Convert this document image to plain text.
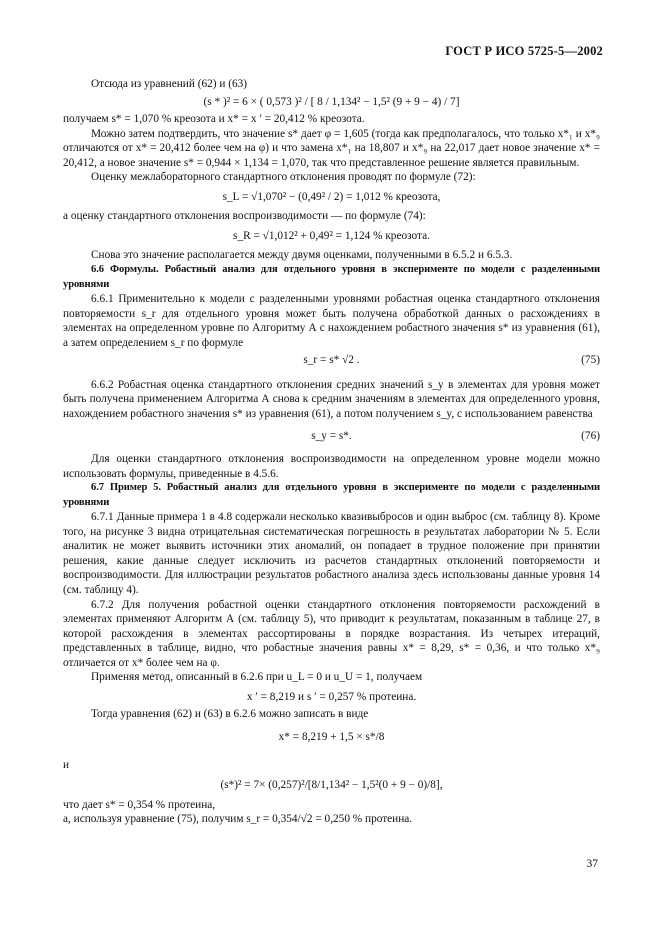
ГОСТ Р ИСО 5725-5—2002

Отсюда из уравнений (62) и (63)

(s * )² = 6 × ( 0,573 )² / [ 8 / 1,134² − 1,5² (9 + 9 − 4) / 7]

получаем s* = 1,070 % креозота и x* = x ′ = 20,412 % креозота.

Можно затем подтвердить, что значение s* дает φ = 1,605 (тогда как предполагалось, что только x*₁ и x*₉ отличаются от x* = 20,412 более чем на φ) и что замена x*₁ на 18,807 и x*₉ на 22,017 дает новое значение x* = 20,412, а новое значение s* = 0,944 × 1,134 = 1,070, так что представленное решение является правильным.

Оценку межлабораторного стандартного отклонения проводят по формуле (72):

s_L = √1,070² − (0,49² / 2) = 1,012 % креозота,

а оценку стандартного отклонения воспроизводимости — по формуле (74):

s_R = √1,012² + 0,49² = 1,124 % креозота.

Снова это значение располагается между двумя оценками, полученными в 6.5.2 и 6.5.3.

6.6 Формулы. Робастный анализ для отдельного уровня в эксперименте по модели с разделенными уровнями

6.6.1 Применительно к модели с разделенными уровнями робастная оценка стандартного отклонения повторяемости s_r для отдельного уровня может быть получена обработкой данных о расхождениях в элементах на определенном уровне по Алгоритму А с нахождением робастного значения s* из уравнения (61), а затем определением s_r по формуле

s_r = s* √2 .	(75)

6.6.2 Робастная оценка стандартного отклонения средних значений s_y в элементах для уровня может быть получена применением Алгоритма А снова к средним значениям в элементах для определенного уровня, нахождением робастного значения s* из уравнения (61), а потом получением s_y, с использованием равенства

s_y = s*.	(76)

Для оценки стандартного отклонения воспроизводимости на определенном уровне модели можно использовать формулы, приведенные в 4.5.6.

6.7 Пример 5. Робастный анализ для отдельного уровня в эксперименте по модели с разделенными уровнями

6.7.1 Данные примера 1 в 4.8 содержали несколько квазивыбросов и один выброс (см. таблицу 8). Кроме того, на рисунке 3 видна отрицательная систематическая погрешность в результатах лаборатории № 5. Если аналитик не может выявить источники этих аномалий, он попадает в трудное положение при принятии решения, какие данные следует исключить из расчетов стандартных отклонений повторяемости и воспроизводимости. Для иллюстрации результатов робастного анализа здесь использованы данные уровня 14 (см. таблицу 4).

6.7.2 Для получения робастной оценки стандартного отклонения повторяемости расхождений в элементах применяют Алгоритм А (см. таблицу 5), что приводит к результатам, показанным в таблице 27, в которой расхождения в элементах рассортированы в порядке возрастания. Из четырех итераций, представленных в таблице, видно, что робастные значения равны x* = 8,29, s* = 0,36, и что только x*₉ отличается от x* более чем на φ.

Применяя метод, описанный в 6.2.6 при u_L = 0 и u_U = 1, получаем

x ′ = 8,219 и s ′ = 0,257 % протеина.

Тогда уравнения (62) и (63) в 6.2.6 можно записать в виде

x* = 8,219 + 1,5 × s*/8

и

(s*)² = 7× (0,257)²/[8/1,134² − 1,5²(0 + 9 − 0)/8],

что дает s* = 0,354 % протеина,

а, используя уравнение (75), получим s_r = 0,354/√2 = 0,250 % протеина.

37
